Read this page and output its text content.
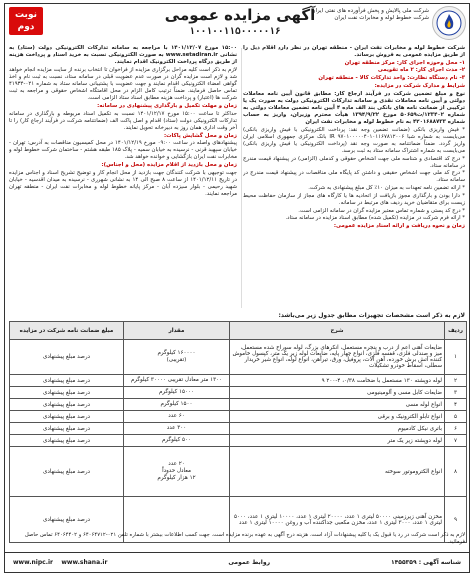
شرکت ملی پالایش و پخش فرآورده های نفتی ایران
شرکت خطوط لوله و مخابرات نفت ایران
آگهی مزایده عمومی
۱۰۰۱۰۰۱۱۵۰۰۰۰۰۱۶
نوبت
دوم

شرکت خطوط لوله و مخابرات نفت ایران - منطقه تهران در نظر دارد اقلام ذیل را از طریق مزایده عمومی به فروش برساند.

۱- محل وحوزه اجرای کار: مرکز منطقه تهران

۲- مدت اجرای کار: ۲ ماه تقویمی

۳- نام دستگاه نظارت: واحد تدارکات کالا - منطقه تهران

شرایط و مدارک شرکت در مزایده:

نوع و مبلغ تضمین شرکت در فرآیند ارجاع کار: مطابق قانون آیین نامه معاملات دولتی و آیین نامه معاملات نقدی و سامانه تدارکات الکترونیکی دولت به صورت یک یا ترکیبی از ضمانت نامه های بانکی بند الف ماده ۴ آیین نامه تضمین معاملات دولتی به شماره ۱۲۳۴۰۲/ت۵۰۶۵۹ مورخ ۱۳۹۴/۹/۲۲ هیأت محترم وزیران، واریز به حساب شماره ۴۲۰۱۶۸۸۷۳۳ به نام خطوط لوله و مخابرات نفت ایران

* فیش واریزی بانکی (ضمانت تضمین وجه نقد: پرداخت الکترونیکی با فیش واریزی بانکی) می‌بایست به شماره شبا IR ۹۷۰۱۰۰۰۰۰۴۰۱۰۱۱۶۷۸۱۲۰۰۶ بانک مرکزی جمهوری اسلامی ایران واریز گردد. ضمناً ضمانتنامه به صورت وجه نقد (پرداخت الکترونیکی یا فیش واریزی بانکی) می‌بایست به شماره اشتراک سامانه ستاد به ثبت برسد.

* درج کد اقتصادی و شناسه ملی جهت اشخاص حقوقی و کدملی (الزامی) در پیشنهاد قیمت مندرج در سامانه ستاد.

* درج کد ملی جهت اشخاص حقیقی و داشتن کد پایگاه ملی مناقصات در پیشنهاد قیمت مندرج در سامانه ستاد.

* ارائه تضمین نامه تعهدات به میزان ۱۰٪ کل مبلغ پیشنهادی به شرکت.

* دارا بودن و بارگذاری مجوز بازیافت از اتحادیه ها یا کارگاه های مجاز از سازمان حفاظت محیط زیست برای متقاضیان خرید ردیف های مرتبط در سامانه.

* درج کد پستی و شماره تماس معتبر مزایده گران در سامانه الزامی است.

* ارائه فرم شرکت در مزایده (تکمیل شده) مطابق اسناد مزایده در سامانه ستاد.

زمان و نحوه دریافت و ارائه اسناد مزایده عمومی:

۱۵:۰۰ مورخ ۱۴۰۱/۱۲/۰۷ با مراجعه به سامانه تدارکات الکترونیکی دولت (ستاد) به نشانی www.setadiran.ir به صورت الکترونیکی نسبت به خرید اسناد و پرداخت هزینه از طریق درگاه پرداخت الکترونیک اقدام نمایند.

لازم به ذکر است کلیه مراحل برگزاری مزایده از فراخوان تا انتخاب برنده از سایت مزایده انجام خواهد شد و لازم است مزایده گران در صورت عدم عضویت قبلی در سامانه ستاد، نسبت به ثبت نام و اخذ گواهی امضاء الکترونیکی اقدام نمایند و جهت عضویت با پشتیبانی سامانه ستاد به شماره ۰۲۱-۴۱۹۳۴ تماس حاصل فرمایند. ضمناً ترتیب کامل الزام در محل اقامتگاه اشخاص حقوقی و مراجعه به ثبت شرکت ها (اعتبار) و پرداخت هزینه مطابق اسناد ستاد الزامی است.

زمان و مهلت تکمیل و بارگذاری پیشنهادی در سامانه:

حداکثر تا ساعت ۱۵:۰۰ مورخ ۱۴۰۱/۱۲/۱۷ نسبت به تکمیل اسناد مربوطه و بارگذاری در سامانه تدارکات الکترونیکی دولت (ستاد) اقدام و اصل پاکت الف (ضمانتنامه شرکت در فرآیند ارجاع کار) را تا آخر وقت اداری همان روز به دبیرخانه تحویل نمایند.

زمان و محل گشایش پاکات:

پیشنهادهای واصله در ساعت ۰۹:۰۰ مورخ ۱۴۰۱/۱۲/۱۹ در محل کمیسیون مناقصات به آدرس: تهران - خیابان سپهبد قرنی - نرسیده به خیابان سمیه - پلاک ۱۸۵ طبقه هشتم - ساختمان شرکت خطوط لوله و مخابرات نفت ایران بازگشایی و خوانده خواهد شد.

زمان و محل بازدید از اقلام مزایده (محل و اجناس):

جهت توجیهی با شرکت کنندگان جهت بازدید از محل انجام کار و توضیح تشریح اسناد و اجناس مزایده در تاریخ ۱۴۰۱/۱۲/۱۱ از ساعت ۸ صبح الی ۱۴ به نشانی شهرری - نرسیده به میدان اقدسیه - خیابان شهید رحیمی - بلوار سیزده آبان - مرکز پایانه خطوط لوله و مخابرات نفت ایران - منطقه تهران مراجعه نمایند.

لازم به ذکر است مشخصات تجهیزات مطابق جدول زیر می‌باشد:
ردیف	شرح	مقدار	مبلغ ضمانت نامه شرکت در مزایده
۱	ضایعات آهنی اعم از درب و پنجره مستعمل، انکرهای بزرگ، لوله سوراخ شده مستعمل، میز و صندلی فلزی، قفسه فلزی، انواع چهار پایه، ضایعات لوله زیر یک متر، کپسول خاموش کننده آتش برش خورده، آهن آلات، پروفیل، ورق، تیرآهن، انواع لوله، انواع شیر خریدار سطلی، اسقاط خودرو تشکیلات	۱۶۰۰۰۰ کیلوگرم
(تقریبی)	درصد مبلغ پیشنهادی
۲	لوله دوپشته ۱۳۰ مستعمل با ضخامت ۰/۳۸، ۴-۲۰۰ ۹	۱۳۰۰ متر معادل تقریبی ۳۰۰۰۰ کیلوگرم	درصد مبلغ پیشنهادی
۳	ضایعات کابل مسی و آلومینیومی	۱۵۰۰۰ کیلوگرم	درصد مبلغ پیشنهادی
۴	انواع لوله مسی	۱۵۰۰ کیلوگرم	درصد مبلغ پیشنهادی
۵	انواع تابلو الکترونیک و برقی	۶۰ عدد	درصد مبلغ پیشنهادی
۶	باتری نیکل کادمیوم	۳۰۰ عدد	درصد مبلغ پیشنهادی
۷	لوله دوپشته زیر یک متر	۵۰۰ کیلوگرم	درصد مبلغ پیشنهادی
۸	انواع الکتروموتور سوخته	۲۰ عدد
معادل حدوداً
۱۲ هزار کیلوگرم	درصد مبلغ پیشنهادی
۹	مخزن آهنی زیرزمینی ۵۰۰۰۰ لیتری ۱ عدد، ۲۰۰۰۰ لیتری ۱ عدد، ۱۰۰۰۰ لیتری ۱ عدد، ۵۰۰۰ لیتری ۱ عدد، ۳۰۰۰ لیتری ۱ عدد، مخزن مکعبی جداکننده آب و روغن ۱۰۰۰۰ لیتری ۱ عدد		درصد مبلغ پیشنهادی
لازم به ذکر است شرکت در رد یا قبول یک یا کلیه پیشنهادات آزاد است. هزینه درج آگهی به عهده برنده مزایده است. جهت کسب اطلاعات بیشتر با شماره تلفن ۰۲۱-۶۴۰۶۴۷۱۲ و ۶۴۰۶۴۴۰۲ تماس حاصل فرمائید.
شناسه آگهی : ۱۴۵۵۳۵۹
روابط عمومی
www.nipc.ir www.shana.ir
